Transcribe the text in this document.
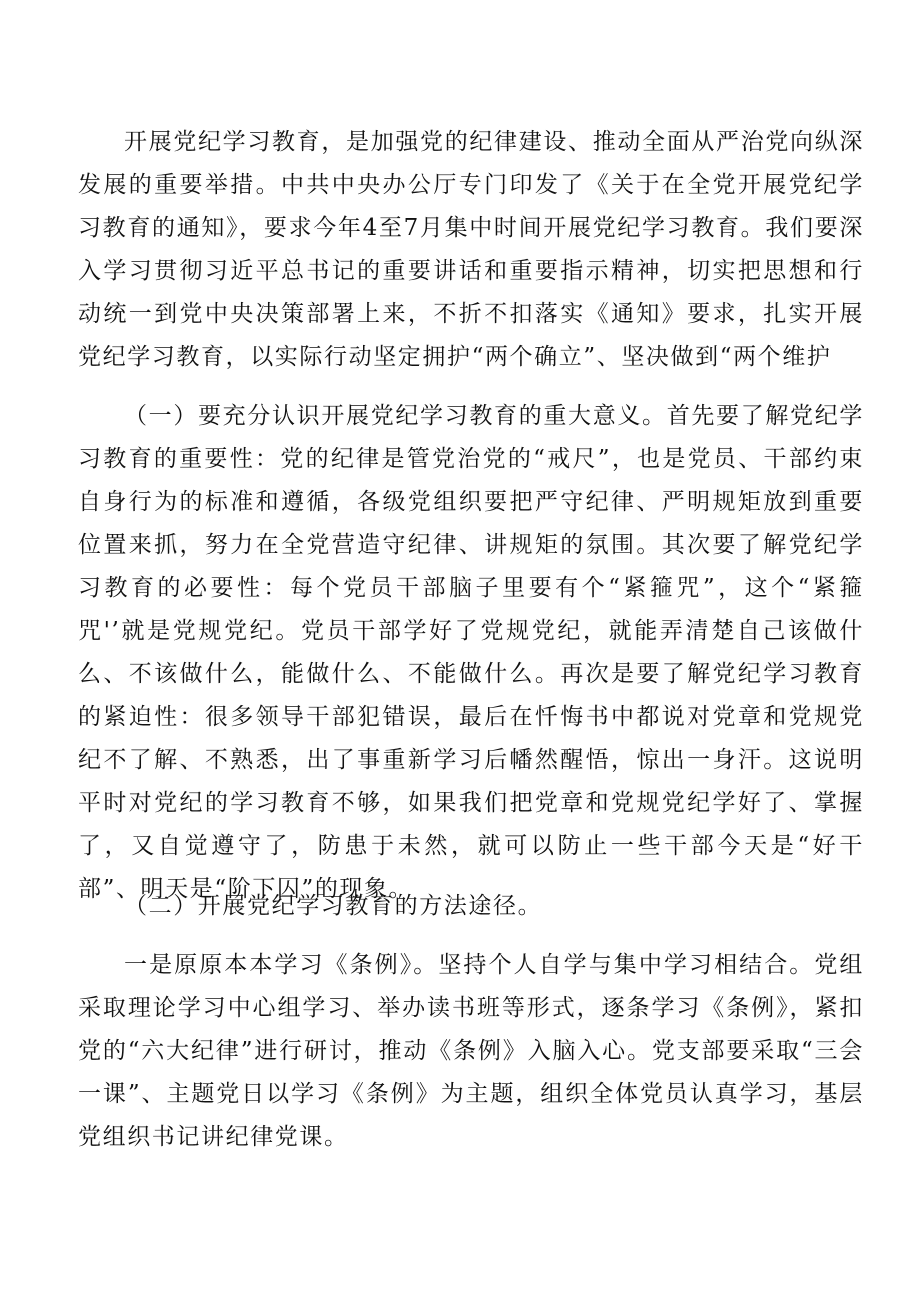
开展党纪学习教育，是加强党的纪律建设、推动全面从严治党向纵深发展的重要举措。中共中央办公厅专门印发了《关于在全党开展党纪学习教育的通知》，要求今年4至7月集中时间开展党纪学习教育。我们要深入学习贯彻习近平总书记的重要讲话和重要指示精神，切实把思想和行动统一到党中央决策部署上来，不折不扣落实《通知》要求，扎实开展党纪学习教育，以实际行动坚定拥护“两个确立”、坚决做到“两个维护

（一）要充分认识开展党纪学习教育的重大意义。首先要了解党纪学习教育的重要性：党的纪律是管党治党的“戒尺”，也是党员、干部约束自身行为的标准和遵循，各级党组织要把严守纪律、严明规矩放到重要位置来抓，努力在全党营造守纪律、讲规矩的氛围。其次要了解党纪学习教育的必要性：每个党员干部脑子里要有个“紧箍咒”，这个“紧箍咒'’就是党规党纪。党员干部学好了党规党纪，就能弄清楚自己该做什么、不该做什么，能做什么、不能做什么。再次是要了解党纪学习教育的紧迫性：很多领导干部犯错误，最后在忏悔书中都说对党章和党规党纪不了解、不熟悉，出了事重新学习后幡然醒悟，惊出一身汗。这说明平时对党纪的学习教育不够，如果我们把党章和党规党纪学好了、掌握了，又自觉遵守了，防患于未然，就可以防止一些干部今天是“好干部”、明天是“阶下囚”的现象。

（二）开展党纪学习教育的方法途径。

一是原原本本学习《条例》。坚持个人自学与集中学习相结合。党组采取理论学习中心组学习、举办读书班等形式，逐条学习《条例》，紧扣党的“六大纪律”进行研讨，推动《条例》入脑入心。党支部要采取“三会一课”、主题党日以学习《条例》为主题，组织全体党员认真学习，基层党组织书记讲纪律党课。
